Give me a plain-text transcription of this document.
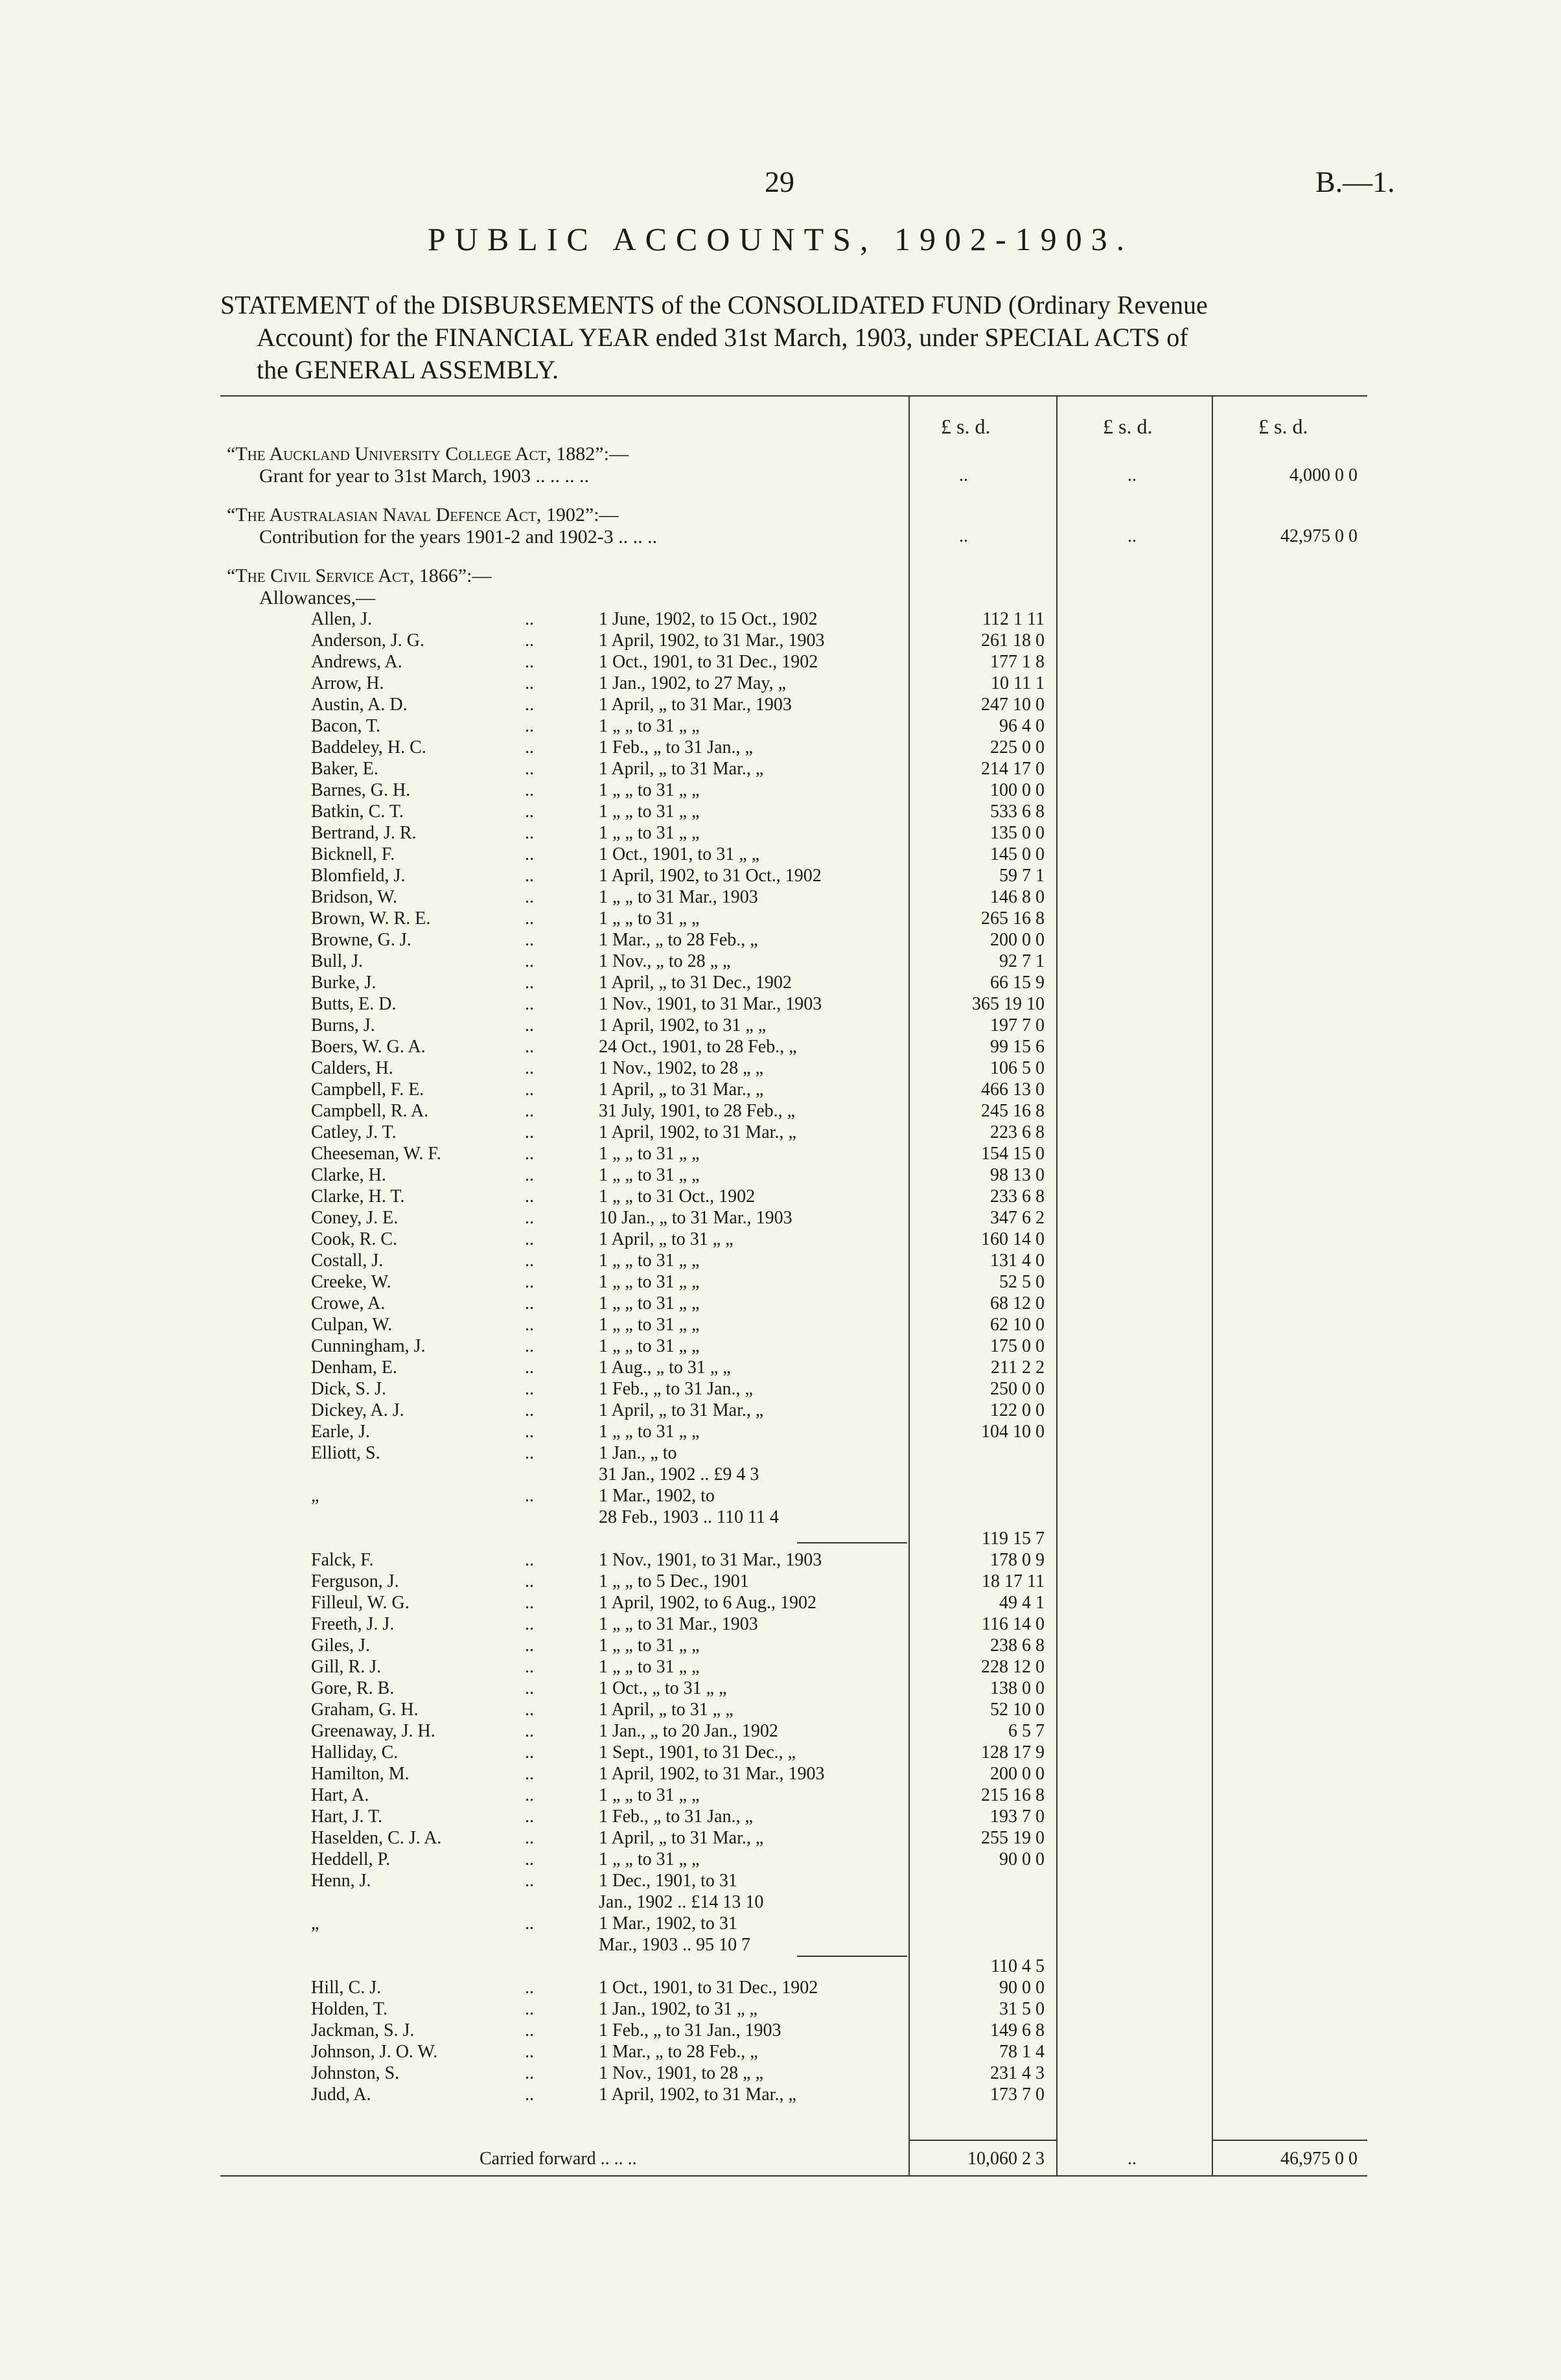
29	B.—1.
PUBLIC ACCOUNTS, 1902-1903.
STATEMENT of the DISBURSEMENTS of the CONSOLIDATED FUND (Ordinary Revenue

Account) for the FINANCIAL YEAR ended 31st March, 1903, under SPECIAL ACTS of
the GENERAL ASSEMBLY.
£ s. d.	£ s. d.	£ s. d.
“The Auckland University College Act, 1882”:—
Grant for year to 31st March, 1903 .. .. .. ..	..	..	4,000 0 0
“The Australasian Naval Defence Act, 1902”:—
Contribution for the years 1901-2 and 1902-3 .. .. ..	..	..	42,975 0 0
“The Civil Service Act, 1866”:—
Allowances,—
Allen, J.	..	1 June, 1902, to 15 Oct., 1902	112 1 11
Anderson, J. G.	..	1 April, 1902, to 31 Mar., 1903	261 18 0
Andrews, A.	..	1 Oct., 1901, to 31 Dec., 1902	177 1 8
Arrow, H.	..	1 Jan., 1902, to 27 May, „	10 11 1
Austin, A. D.	..	1 April, „ to 31 Mar., 1903	247 10 0
Bacon, T.	..	1 „ „ to 31 „ „	96 4 0
Baddeley, H. C.	..	1 Feb., „ to 31 Jan., „	225 0 0
Baker, E.	..	1 April, „ to 31 Mar., „	214 17 0
Barnes, G. H.	..	1 „ „ to 31 „ „	100 0 0
Batkin, C. T.	..	1 „ „ to 31 „ „	533 6 8
Bertrand, J. R.	..	1 „ „ to 31 „ „	135 0 0
Bicknell, F.	..	1 Oct., 1901, to 31 „ „	145 0 0
Blomfield, J.	..	1 April, 1902, to 31 Oct., 1902	59 7 1
Bridson, W.	..	1 „ „ to 31 Mar., 1903	146 8 0
Brown, W. R. E.	..	1 „ „ to 31 „ „	265 16 8
Browne, G. J.	..	1 Mar., „ to 28 Feb., „	200 0 0
Bull, J.	..	1 Nov., „ to 28 „ „	92 7 1
Burke, J.	..	1 April, „ to 31 Dec., 1902	66 15 9
Butts, E. D.	..	1 Nov., 1901, to 31 Mar., 1903	365 19 10
Burns, J.	..	1 April, 1902, to 31 „ „	197 7 0
Boers, W. G. A.	..	24 Oct., 1901, to 28 Feb., „	99 15 6
Calders, H.	..	1 Nov., 1902, to 28 „ „	106 5 0
Campbell, F. E.	..	1 April, „ to 31 Mar., „	466 13 0
Campbell, R. A.	..	31 July, 1901, to 28 Feb., „	245 16 8
Catley, J. T.	..	1 April, 1902, to 31 Mar., „	223 6 8
Cheeseman, W. F.	..	1 „ „ to 31 „ „	154 15 0
Clarke, H.	..	1 „ „ to 31 „ „	98 13 0
Clarke, H. T.	..	1 „ „ to 31 Oct., 1902	233 6 8
Coney, J. E.	..	10 Jan., „ to 31 Mar., 1903	347 6 2
Cook, R. C.	..	1 April, „ to 31 „ „	160 14 0
Costall, J.	..	1 „ „ to 31 „ „	131 4 0
Creeke, W.	..	1 „ „ to 31 „ „	52 5 0
Crowe, A.	..	1 „ „ to 31 „ „	68 12 0
Culpan, W.	..	1 „ „ to 31 „ „	62 10 0
Cunningham, J.	..	1 „ „ to 31 „ „	175 0 0
Denham, E.	..	1 Aug., „ to 31 „ „	211 2 2
Dick, S. J.	..	1 Feb., „ to 31 Jan., „	250 0 0
Dickey, A. J.	..	1 April, „ to 31 Mar., „	122 0 0
Earle, J.	..	1 „ „ to 31 „ „	104 10 0
Elliott, S.	..	1 Jan., „ to
31 Jan., 1902 .. £9 4 3
„	..	1 Mar., 1902, to
28 Feb., 1903 .. 110 11 4
119 15 7
Falck, F.	..	1 Nov., 1901, to 31 Mar., 1903	178 0 9
Ferguson, J.	..	1 „ „ to 5 Dec., 1901	18 17 11
Filleul, W. G.	..	1 April, 1902, to 6 Aug., 1902	49 4 1
Freeth, J. J.	..	1 „ „ to 31 Mar., 1903	116 14 0
Giles, J.	..	1 „ „ to 31 „ „	238 6 8
Gill, R. J.	..	1 „ „ to 31 „ „	228 12 0
Gore, R. B.	..	1 Oct., „ to 31 „ „	138 0 0
Graham, G. H.	..	1 April, „ to 31 „ „	52 10 0
Greenaway, J. H.	..	1 Jan., „ to 20 Jan., 1902	6 5 7
Halliday, C.	..	1 Sept., 1901, to 31 Dec., „	128 17 9
Hamilton, M.	..	1 April, 1902, to 31 Mar., 1903	200 0 0
Hart, A.	..	1 „ „ to 31 „ „	215 16 8
Hart, J. T.	..	1 Feb., „ to 31 Jan., „	193 7 0
Haselden, C. J. A.	..	1 April, „ to 31 Mar., „	255 19 0
Heddell, P.	..	1 „ „ to 31 „ „	90 0 0
Henn, J.	..	1 Dec., 1901, to 31
Jan., 1902 .. £14 13 10
„	..	1 Mar., 1902, to 31
Mar., 1903 .. 95 10 7
110 4 5
Hill, C. J.	..	1 Oct., 1901, to 31 Dec., 1902	90 0 0
Holden, T.	..	1 Jan., 1902, to 31 „ „	31 5 0
Jackman, S. J.	..	1 Feb., „ to 31 Jan., 1903	149 6 8
Johnson, J. O. W.	..	1 Mar., „ to 28 Feb., „	78 1 4
Johnston, S.	..	1 Nov., 1901, to 28 „ „	231 4 3
Judd, A.	..	1 April, 1902, to 31 Mar., „	173 7 0
Carried forward .. .. ..	10,060 2 3	..	46,975 0 0
